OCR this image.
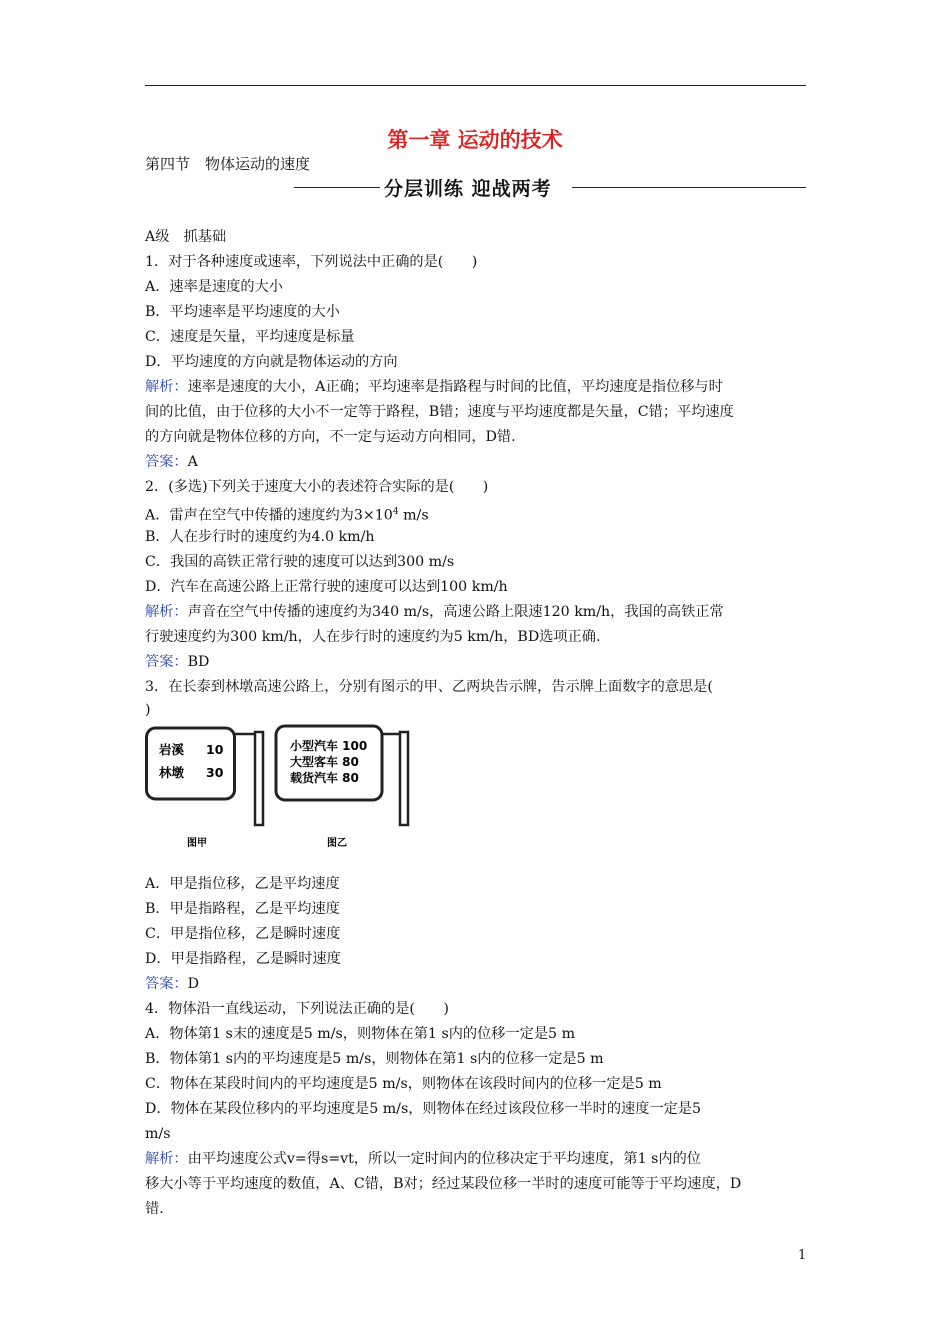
第一章 运动的技术
第四节　物体运动的速度
分层训练 迎战两考
A级　抓基础
1．对于各种速度或速率，下列说法中正确的是(　　)
A．速率是速度的大小
B．平均速率是平均速度的大小
C．速度是矢量，平均速度是标量
D．平均速度的方向就是物体运动的方向
解析：速率是速度的大小，A正确；平均速率是指路程与时间的比值，平均速度是指位移与时
间的比值，由于位移的大小不一定等于路程，B错；速度与平均速度都是矢量，C错；平均速度
的方向就是物体位移的方向，不一定与运动方向相同，D错.
答案：A
2．(多选)下列关于速度大小的表述符合实际的是(　　)
A．雷声在空气中传播的速度约为$3\times 10^4$ m/s
B．人在步行时的速度约为4.0 km/h
C．我国的高铁正常行驶的速度可以达到300 m/s
D．汽车在高速公路上正常行驶的速度可以达到100 km/h
解析：声音在空气中传播的速度约为340 m/s，高速公路上限速120 km/h，我国的高铁正常
行驶速度约为300 km/h，人在步行时的速度约为5 km/h，BD选项正确.
答案：BD
3．在长泰到林墩高速公路上，分别有图示的甲、乙两块告示牌，告示牌上面数字的意思是(
)
岩溪 10
林墩 30
图甲
小型汽车 100
大型客车 80
载货汽车 80
图乙
A．甲是指位移，乙是平均速度
B．甲是指路程，乙是平均速度
C．甲是指位移，乙是瞬时速度
D．甲是指路程，乙是瞬时速度
答案：D
4．物体沿一直线运动，下列说法正确的是(　　)
A．物体第1 s末的速度是5 m/s，则物体在第1 s内的位移一定是5 m
B．物体第1 s内的平均速度是5 m/s，则物体在第1 s内的位移一定是5 m
C．物体在某段时间内的平均速度是5 m/s，则物体在该段时间内的位移一定是5 m
D．物体在某段位移内的平均速度是5 m/s，则物体在经过该段位移一半时的速度一定是5
m/s
解析：由平均速度公式v=得s=vt，所以一定时间内的位移决定于平均速度，第1 s内的位
移大小等于平均速度的数值，A、C错，B对；经过某段位移一半时的速度可能等于平均速度，D
错.
1
